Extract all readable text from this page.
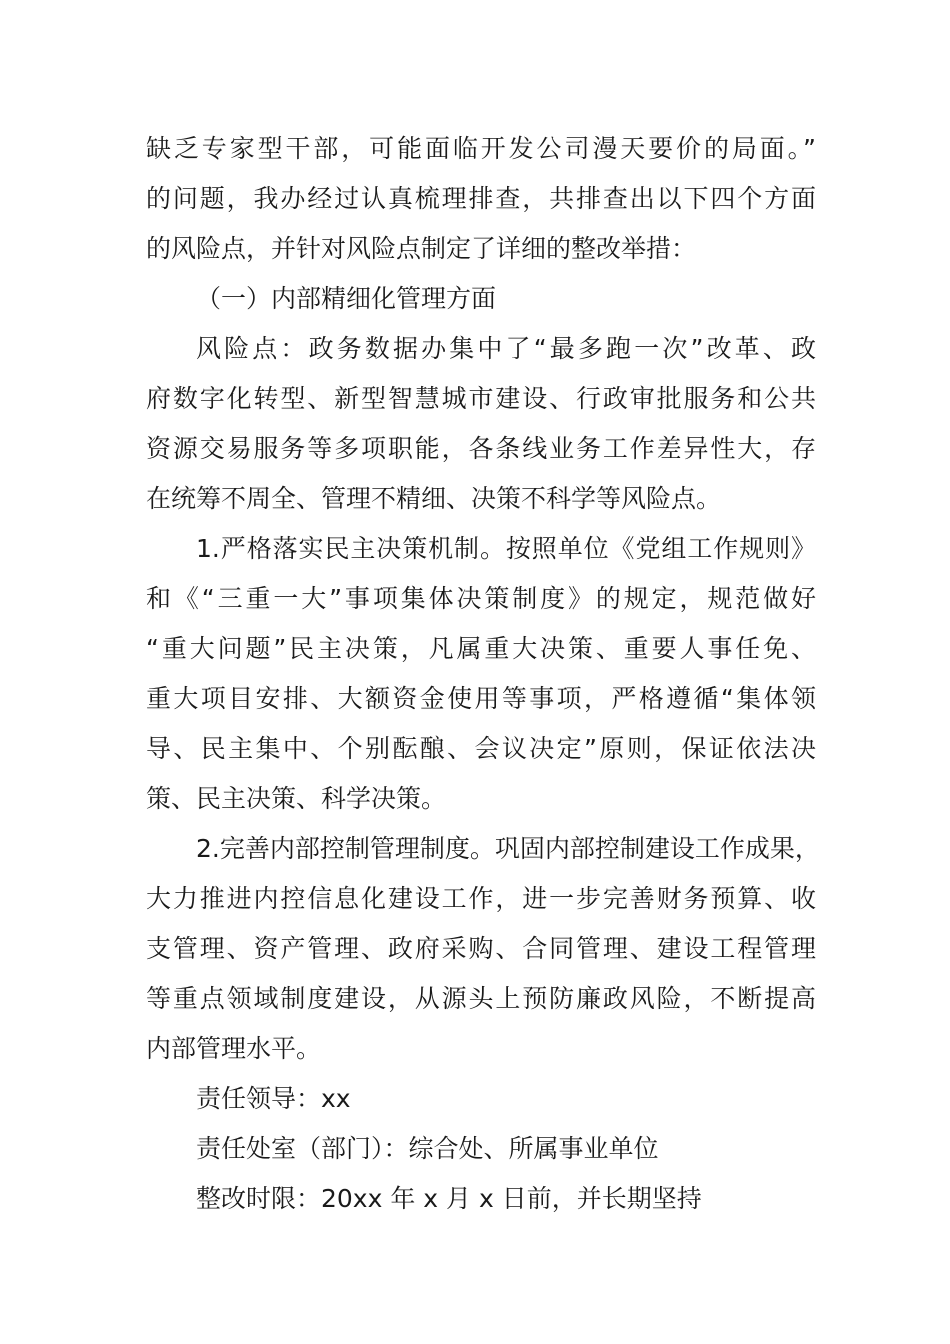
缺乏专家型干部，可能面临开发公司漫天要价的局面。”
的问题，我办经过认真梳理排查，共排查出以下四个方面
的风险点，并针对风险点制定了详细的整改举措：
（一）内部精细化管理方面
风险点：政务数据办集中了“最多跑一次”改革、政
府数字化转型、新型智慧城市建设、行政审批服务和公共
资源交易服务等多项职能，各条线业务工作差异性大，存
在统筹不周全、管理不精细、决策不科学等风险点。
1.严格落实民主决策机制。按照单位《党组工作规则》
和《“三重一大”事项集体决策制度》的规定，规范做好
“重大问题”民主决策，凡属重大决策、重要人事任免、
重大项目安排、大额资金使用等事项，严格遵循“集体领
导、民主集中、个别酝酿、会议决定”原则，保证依法决
策、民主决策、科学决策。
2.完善内部控制管理制度。巩固内部控制建设工作成果，
大力推进内控信息化建设工作，进一步完善财务预算、收
支管理、资产管理、政府采购、合同管理、建设工程管理
等重点领域制度建设，从源头上预防廉政风险，不断提高
内部管理水平。
责任领导：xx
责任处室（部门）：综合处、所属事业单位
整改时限：20xx 年 x 月 x 日前，并长期坚持
